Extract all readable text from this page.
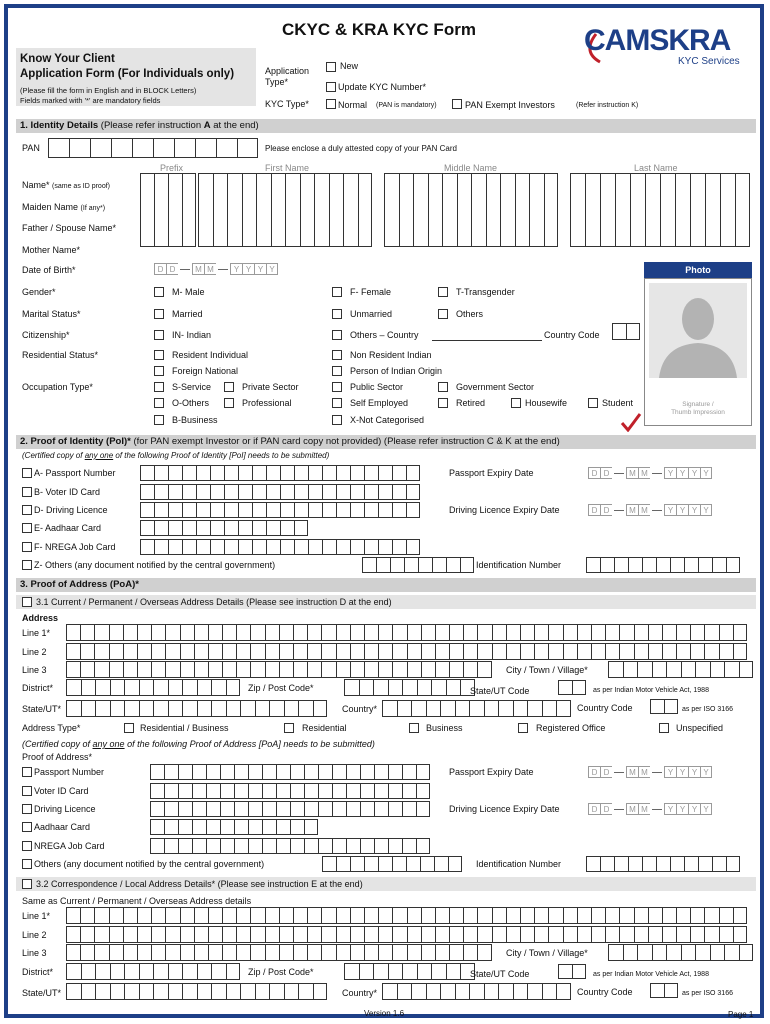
CKYC & KRA KYC Form	CAMSKRA
KYC Services
Know Your Client
Application Form (For Individuals only)
(Please fill the form in English and in BLOCK Letters)
Fields marked with '*' are mandatory fields
Application
Type*
New
Update KYC Number*
KYC Type*	Normal (PAN is mandatory)	PAN Exempt Investors	(Refer instruction K)
1. Identity Details (Please refer instruction A at the end)
PAN	Please enclose a duly attested copy of your PAN Card
Prefix	First Name	Middle Name	Last Name
Name* (same as ID proof)
Maiden Name (If any*)
Father / Spouse Name*
Mother Name*
Date of Birth*	D D	M M	Y Y Y Y	Photo
Signature /
Thumb Impression
Gender*	M- Male	F- Female	T-Transgender
Marital Status*	Married	Unmarried	Others
Citizenship*	IN- Indian	Others – Country	Country Code
Residential Status*	Resident Individual	Non Resident Indian
Foreign National	Person of Indian Origin
Occupation Type*	S-Service	Private Sector	Public Sector	Government Sector
O-Others	Professional	Self Employed	Retired	Housewife	Student
B-Business	X-Not Categorised
2. Proof of Identity (PoI)* (for PAN exempt Investor or if PAN card copy not provided) (Please refer instruction C & K at the end)
(Certified copy of any one of the following Proof of Identity [PoI] needs to be submitted)
A- Passport Number	Passport Expiry Date	D D	M M	Y Y Y Y
B- Voter ID Card
D- Driving Licence	Driving Licence Expiry Date	D D	M M	Y Y Y Y
E- Aadhaar Card
F- NREGA Job Card
Z- Others (any document notified by the central government)	Identification Number
3. Proof of Address (PoA)*
3.1 Current / Permanent / Overseas Address Details (Please see instruction D at the end)
Address
Line 1*
Line 2
Line 3	City / Town / Village*
District*	Zip / Post Code*	State/UT Code	as per Indian Motor Vehicle Act, 1988
State/UT*	Country*	Country Code	as per ISO 3166
Address Type*	Residential / Business	Residential	Business	Registered Office	Unspecified
(Certified copy of any one of the following Proof of Address [PoA] needs to be submitted)
Proof of Address*
Passport Number	Passport Expiry Date	D D	M M	Y Y Y Y
Voter ID Card
Driving Licence	Driving Licence Expiry Date	D D	M M	Y Y Y Y
Aadhaar Card
NREGA Job Card
Others (any document notified by the central government)	Identification Number
3.2 Correspondence / Local Address Details* (Please see instruction E at the end)
Same as Current / Permanent / Overseas Address details
Line 1*
Line 2
Line 3	City / Town / Village*
District*	Zip / Post Code*	State/UT Code	as per Indian Motor Vehicle Act, 1988
State/UT*	Country*	Country Code	as per ISO 3166
Version 1.6	Page 1
